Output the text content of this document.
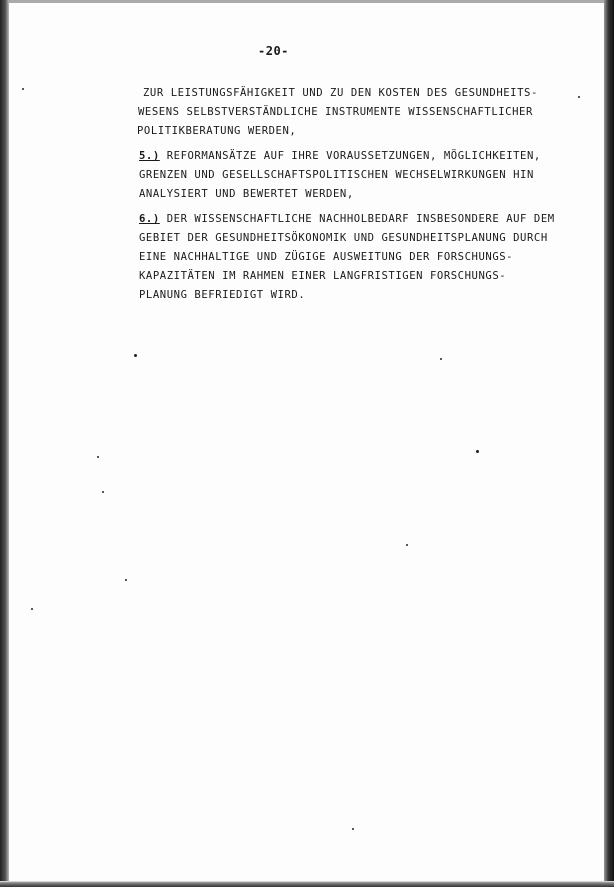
-20-
ZUR LEISTUNGSFÄHIGKEIT UND ZU DEN KOSTEN DES GESUNDHEITS-
WESENS SELBSTVERSTÄNDLICHE INSTRUMENTE WISSENSCHAFTLICHER
POLITIKBERATUNG WERDEN,
5.) REFORMANSÄTZE AUF IHRE VORAUSSETZUNGEN, MÖGLICHKEITEN,
GRENZEN UND GESELLSCHAFTSPOLITISCHEN WECHSELWIRKUNGEN HIN
ANALYSIERT UND BEWERTET WERDEN,
6.) DER WISSENSCHAFTLICHE NACHHOLBEDARF INSBESONDERE AUF DEM
GEBIET DER GESUNDHEITSÖKONOMIK UND GESUNDHEITSPLANUNG DURCH
EINE NACHHALTIGE UND ZÜGIGE AUSWEITUNG DER FORSCHUNGS-
KAPAZITÄTEN IM RAHMEN EINER LANGFRISTIGEN FORSCHUNGS-
PLANUNG BEFRIEDIGT WIRD.
